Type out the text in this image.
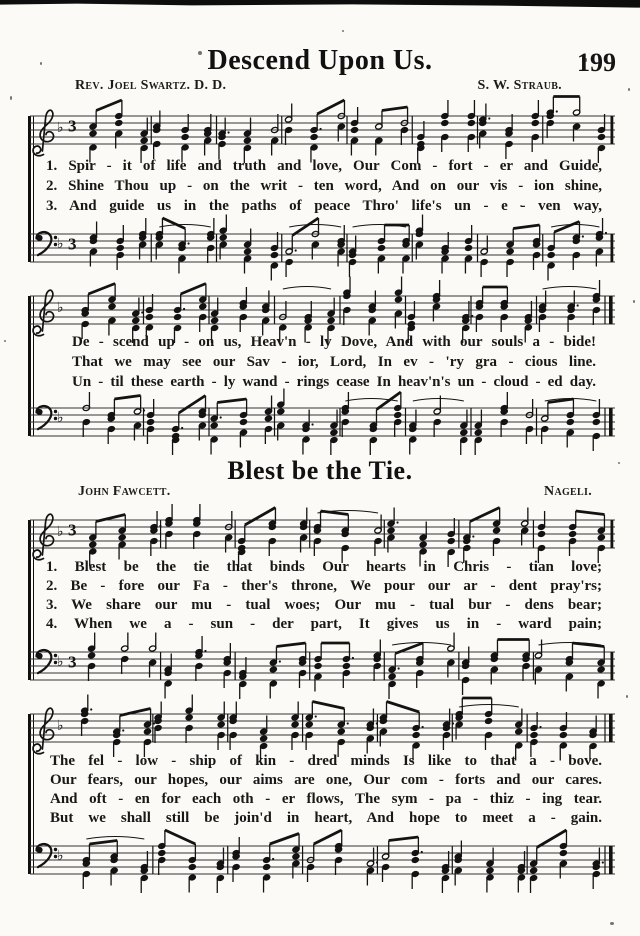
Descend Upon Us.	199
Rev. Joel Swartz. D. D.	S. W. Straub.
♭ 3
1. Spir - it of life and truth and love, Our Com - fort - er and Guide,
2. Shine Thou up - on the writ - ten word, And on our vis - ion shine,
3. And guide us in the paths of peace Thro' life's un - e - ven way,
♭ 3
♭
De - scend up - on us, Heav'n - ly Dove, And with our souls a - bide!
That we may see our Sav - ior, Lord, In ev - 'ry gra - cious line.
Un - til these earth - ly wand - rings cease In heav'n's un - cloud - ed day.
♭
Blest be the Tie.
John Fawcett.	Nageli.
♭ 3
1. Blest be the tie that binds Our hearts in Chris - tian love;
2. Be - fore our Fa - ther's throne, We pour our ar - dent pray'rs;
3. We share our mu - tual woes; Our mu - tual bur - dens bear;
4. When we a - sun - der part, It gives us in - ward pain;
♭ 3
♭
The fel - low - ship of kin - dred minds Is like to that a - bove.
Our fears, our hopes, our aims are one, Our com - forts and our cares.
And oft - en for each oth - er flows, The sym - pa - thiz - ing tear.
But we shall still be join'd in heart, And hope to meet a - gain.
♭
